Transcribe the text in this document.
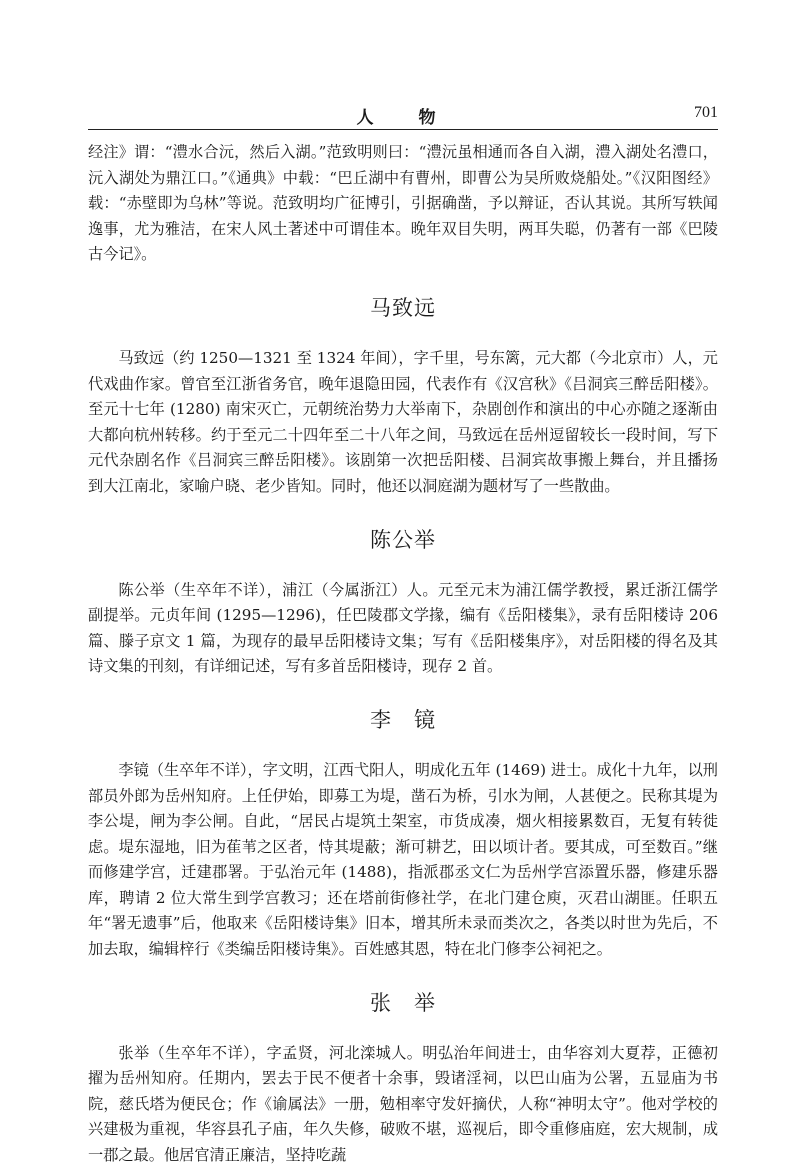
人　物	701

经注》谓：“澧水合沅，然后入湖。”范致明则曰：“澧沅虽相通而各自入湖，澧入湖处名澧口，沅入湖处为鼎江口。”《通典》中载：“巴丘湖中有曹州，即曹公为吴所败烧船处。”《汉阳图经》载：“赤壁即为乌林”等说。范致明均广征博引，引据确凿，予以辩证，否认其说。其所写轶闻逸事，尤为雅洁，在宋人风土著述中可谓佳本。晚年双目失明，两耳失聪，仍著有一部《巴陵古今记》。

马致远

马致远（约 1250—1321 至 1324 年间），字千里，号东篱，元大都（今北京市）人，元代戏曲作家。曾官至江浙省务官，晚年退隐田园，代表作有《汉宫秋》《吕洞宾三醉岳阳楼》。至元十七年 (1280) 南宋灭亡，元朝统治势力大举南下，杂剧创作和演出的中心亦随之逐渐由大都向杭州转移。约于至元二十四年至二十八年之间，马致远在岳州逗留较长一段时间，写下元代杂剧名作《吕洞宾三醉岳阳楼》。该剧第一次把岳阳楼、吕洞宾故事搬上舞台，并且播扬到大江南北，家喻户晓、老少皆知。同时，他还以洞庭湖为题材写了一些散曲。

陈公举

陈公举（生卒年不详），浦江（今属浙江）人。元至元末为浦江儒学教授，累迁浙江儒学副提举。元贞年间 (1295—1296)，任巴陵郡文学掾，编有《岳阳楼集》，录有岳阳楼诗 206 篇、滕子京文 1 篇，为现存的最早岳阳楼诗文集；写有《岳阳楼集序》，对岳阳楼的得名及其诗文集的刊刻，有详细记述，写有多首岳阳楼诗，现存 2 首。

李　镜

李镜（生卒年不详），字文明，江西弋阳人，明成化五年 (1469) 进士。成化十九年，以刑部员外郎为岳州知府。上任伊始，即募工为堤，凿石为桥，引水为闸，人甚便之。民称其堤为李公堤，闸为李公闸。自此，“居民占堤筑土架室，市货成凑，烟火相接累数百，无复有转徙虑。堤东湿地，旧为萑苇之区者，恃其堤蔽；渐可耕艺，田以顷计者。要其成，可至数百。”继而修建学宫，迁建郡署。于弘治元年 (1488)，指派郡丞文仁为岳州学宫添置乐器，修建乐器库，聘请 2 位大常生到学宫教习；还在塔前街修社学，在北门建仓庾，灭君山湖匪。任职五年“署无遗事”后，他取来《岳阳楼诗集》旧本，增其所未录而类次之，各类以时世为先后，不加去取，编辑梓行《类编岳阳楼诗集》。百姓感其恩，特在北门修李公祠祀之。

张　举

张举（生卒年不详），字孟贤，河北滦城人。明弘治年间进士，由华容刘大夏荐，正德初擢为岳州知府。任期内，罢去于民不便者十余事，毁诸淫祠，以巴山庙为公署，五显庙为书院，慈氏塔为便民仓；作《谕属法》一册，勉相率守发奸摘伏，人称“神明太守”。他对学校的兴建极为重视，华容县孔子庙，年久失修，破败不堪，巡视后，即令重修庙庭，宏大规制，成一郡之最。他居官清正廉洁，坚持吃蔬
